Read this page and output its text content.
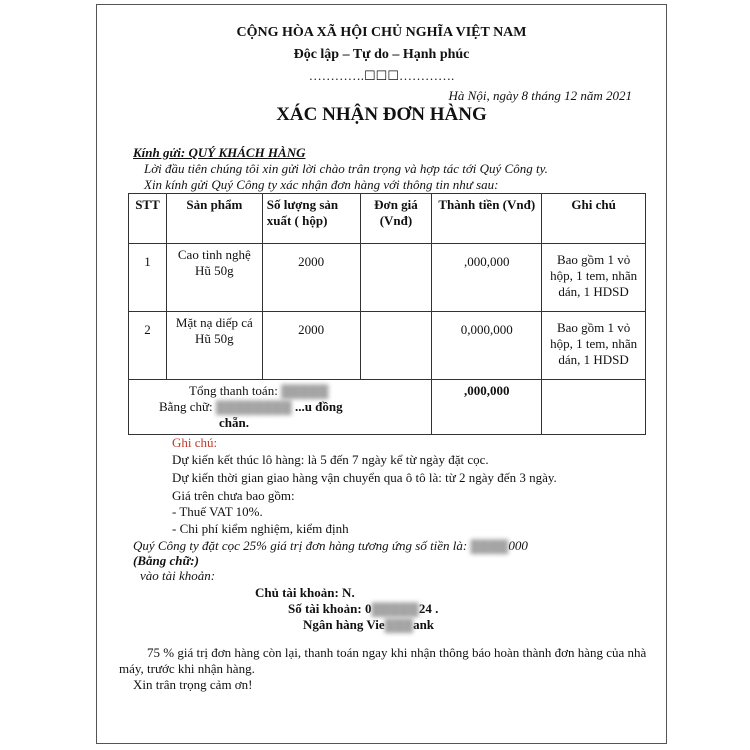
CỘNG HÒA XÃ HỘI CHỦ NGHĨA VIỆT NAM
Độc lập – Tự do – Hạnh phúc
………….☐☐☐………….
Hà Nội, ngày 8 tháng 12 năm 2021
XÁC NHẬN ĐƠN HÀNG
Kính gửi: QUÝ KHÁCH HÀNG
Lời đầu tiên chúng tôi xin gửi lời chào trân trọng và hợp tác tới Quý Công ty.
Xin kính gửi Quý Công ty xác nhận đơn hàng với thông tin như sau:
STT	Sản phẩm	Số lượng sản xuất ( hộp)	Đơn giá (Vnđ)	Thành tiền (Vnđ)	Ghi chú
1	Cao tinh nghệ Hũ 50g	2000		,000,000	Bao gồm 1 vỏ hộp, 1 tem, nhãn dán, 1 HDSD
2	Mặt nạ diếp cá Hũ 50g	2000		0,000,000	Bao gồm 1 vỏ hộp, 1 tem, nhãn dán, 1 HDSD

Tổng thanh toán: ▓▓▓▓▓
Bằng chữ: ▓▓▓▓▓▓▓▓ ...u đồng
chẵn.				,000,000	
Ghi chú:
Dự kiến kết thúc lô hàng: là 5 đến 7 ngày kể từ ngày đặt cọc.
Dự kiến thời gian giao hàng vận chuyển qua ô tô là: từ 2 ngày đến 3 ngày.
Giá trên chưa bao gồm:
- Thuế VAT 10%.
- Chi phí kiểm nghiệm, kiểm định
Quý Công ty đặt cọc 25% giá trị đơn hàng tương ứng số tiền là: ▓▓▓▓000
(Bằng chữ:)
vào tài khoản:
Chủ tài khoản: N.
Số tài khoản: 0▓▓▓▓▓24 .
Ngân hàng Vie▓▓▓ank
75 % giá trị đơn hàng còn lại, thanh toán ngay khi nhận thông báo hoàn thành đơn hàng của nhà
máy, trước khi nhận hàng.
Xin trân trọng cảm ơn!
